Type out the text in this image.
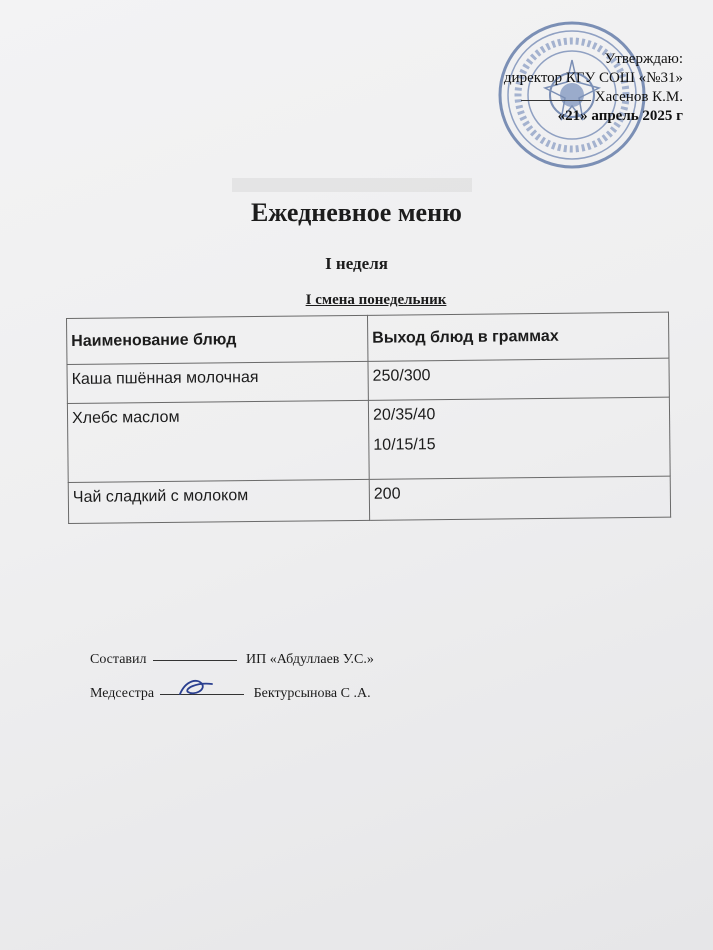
Утверждаю:
директор КГУ СОШ «№31»
Хасенов К.М.
«21» апрель 2025 г
Ежедневное меню
I неделя
I смена понедельник
Наименование блюд	Выход блюд в граммах
Каша пшённая молочная	250/300

Хлебс маслом	20/35/40
10/15/15

Чай сладкий с молоком	200
Составил	ИП «Абдуллаев У.С.»
Медсестра	Бектурсынова С .А.
